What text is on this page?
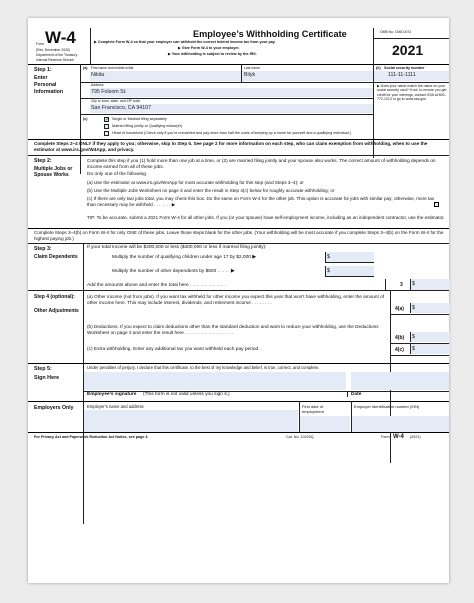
Form W-4
(Rev. December 2020)
Department of the Treasury
Internal Revenue Service
Employee’s Withholding Certificate
▶ Complete Form W-4 so that your employer can withhold the correct federal income tax from your pay.
▶ Give Form W-4 to your employer.
▶ Your withholding is subject to review by the IRS.
OMB No. 1545-0074
2021
Step 1:
Enter
Personal
Information
(a) First name and middle initial
Nikita
Last name
Bilyk
(b) Social security number
111-11-1111
Address
795 Folsom St.
City or town, state, and ZIP code
San Francisco, CA 94107
▶ Does your name match the name on your social security card? If not, to ensure you get credit for your earnings, contact SSA at 800-772-1213 or go to www.ssa.gov.
(c)	✓ Single or Married filing separately
Married filing jointly or Qualifying widow(er)
Head of household (Check only if you’re unmarried and pay more than half the costs of keeping up a home for yourself and a qualifying individual.)
Complete Steps 2–4 ONLY if they apply to you; otherwise, skip to Step 5. See page 2 for more information on each step, who can claim exemption from withholding, when to use the estimator at www.irs.gov/W4App, and privacy.
Step 2:
Multiple Jobs or Spouse Works
Complete this step if you (1) hold more than one job at a time, or (2) are married filing jointly and your spouse also works. The correct amount of withholding depends on income earned from all of these jobs.
Do only one of the following.
(a) Use the estimator at www.irs.gov/W4App for most accurate withholding for this step (and Steps 3–4); or
(b) Use the Multiple Jobs Worksheet on page 3 and enter the result in Step 4(c) below for roughly accurate withholding; or
(c) If there are only two jobs total, you may check this box. Do the same on Form W-4 for the other job. This option is accurate for jobs with similar pay; otherwise, more tax than necessary may be withheld . . . . . . . ▶
TIP: To be accurate, submit a 2021 Form W-4 for all other jobs. If you (or your spouse) have self-employment income, including as an independent contractor, use the estimator.
Complete Steps 3–4(b) on Form W-4 for only ONE of these jobs. Leave those steps blank for the other jobs. (Your withholding will be most accurate if you complete Steps 3–4(b) on the Form W-4 for the highest paying job.)
Step 3:
Claim Dependents
If your total income will be $200,000 or less ($400,000 or less if married filing jointly):
Multiply the number of qualifying children under age 17 by $2,000 ▶	$
Multiply the number of other dependents by $500 . . . . . ▶	$
Add the amounts above and enter the total here . . . . . . . . . . . . . .	3 $
Step 4 (optional):
Other Adjustments
(a) Other income (not from jobs). If you want tax withheld for other income you expect this year that won’t have withholding, enter the amount of other income here. This may include interest, dividends, and retirement income . . . . . . . .
4(a) $
(b) Deductions. If you expect to claim deductions other than the standard deduction and want to reduce your withholding, use the Deductions Worksheet on page 3 and enter the result here . . . . . . . . . . . . . . . . . . .
4(b) $
(c) Extra withholding. Enter any additional tax you want withheld each pay period .	4(c) $
Step 5:
Sign Here
Under penalties of perjury, I declare that this certificate, to the best of my knowledge and belief, is true, correct, and complete.
Employee’s signature (This form is not valid unless you sign it.)	Date
Employers Only	Employer’s name and address	First date of employment
Employer identification number (EIN)
For Privacy Act and Paperwork Reduction Act Notice, see page 3.	Cat. No. 10220Q	Form W-4 (2021)
